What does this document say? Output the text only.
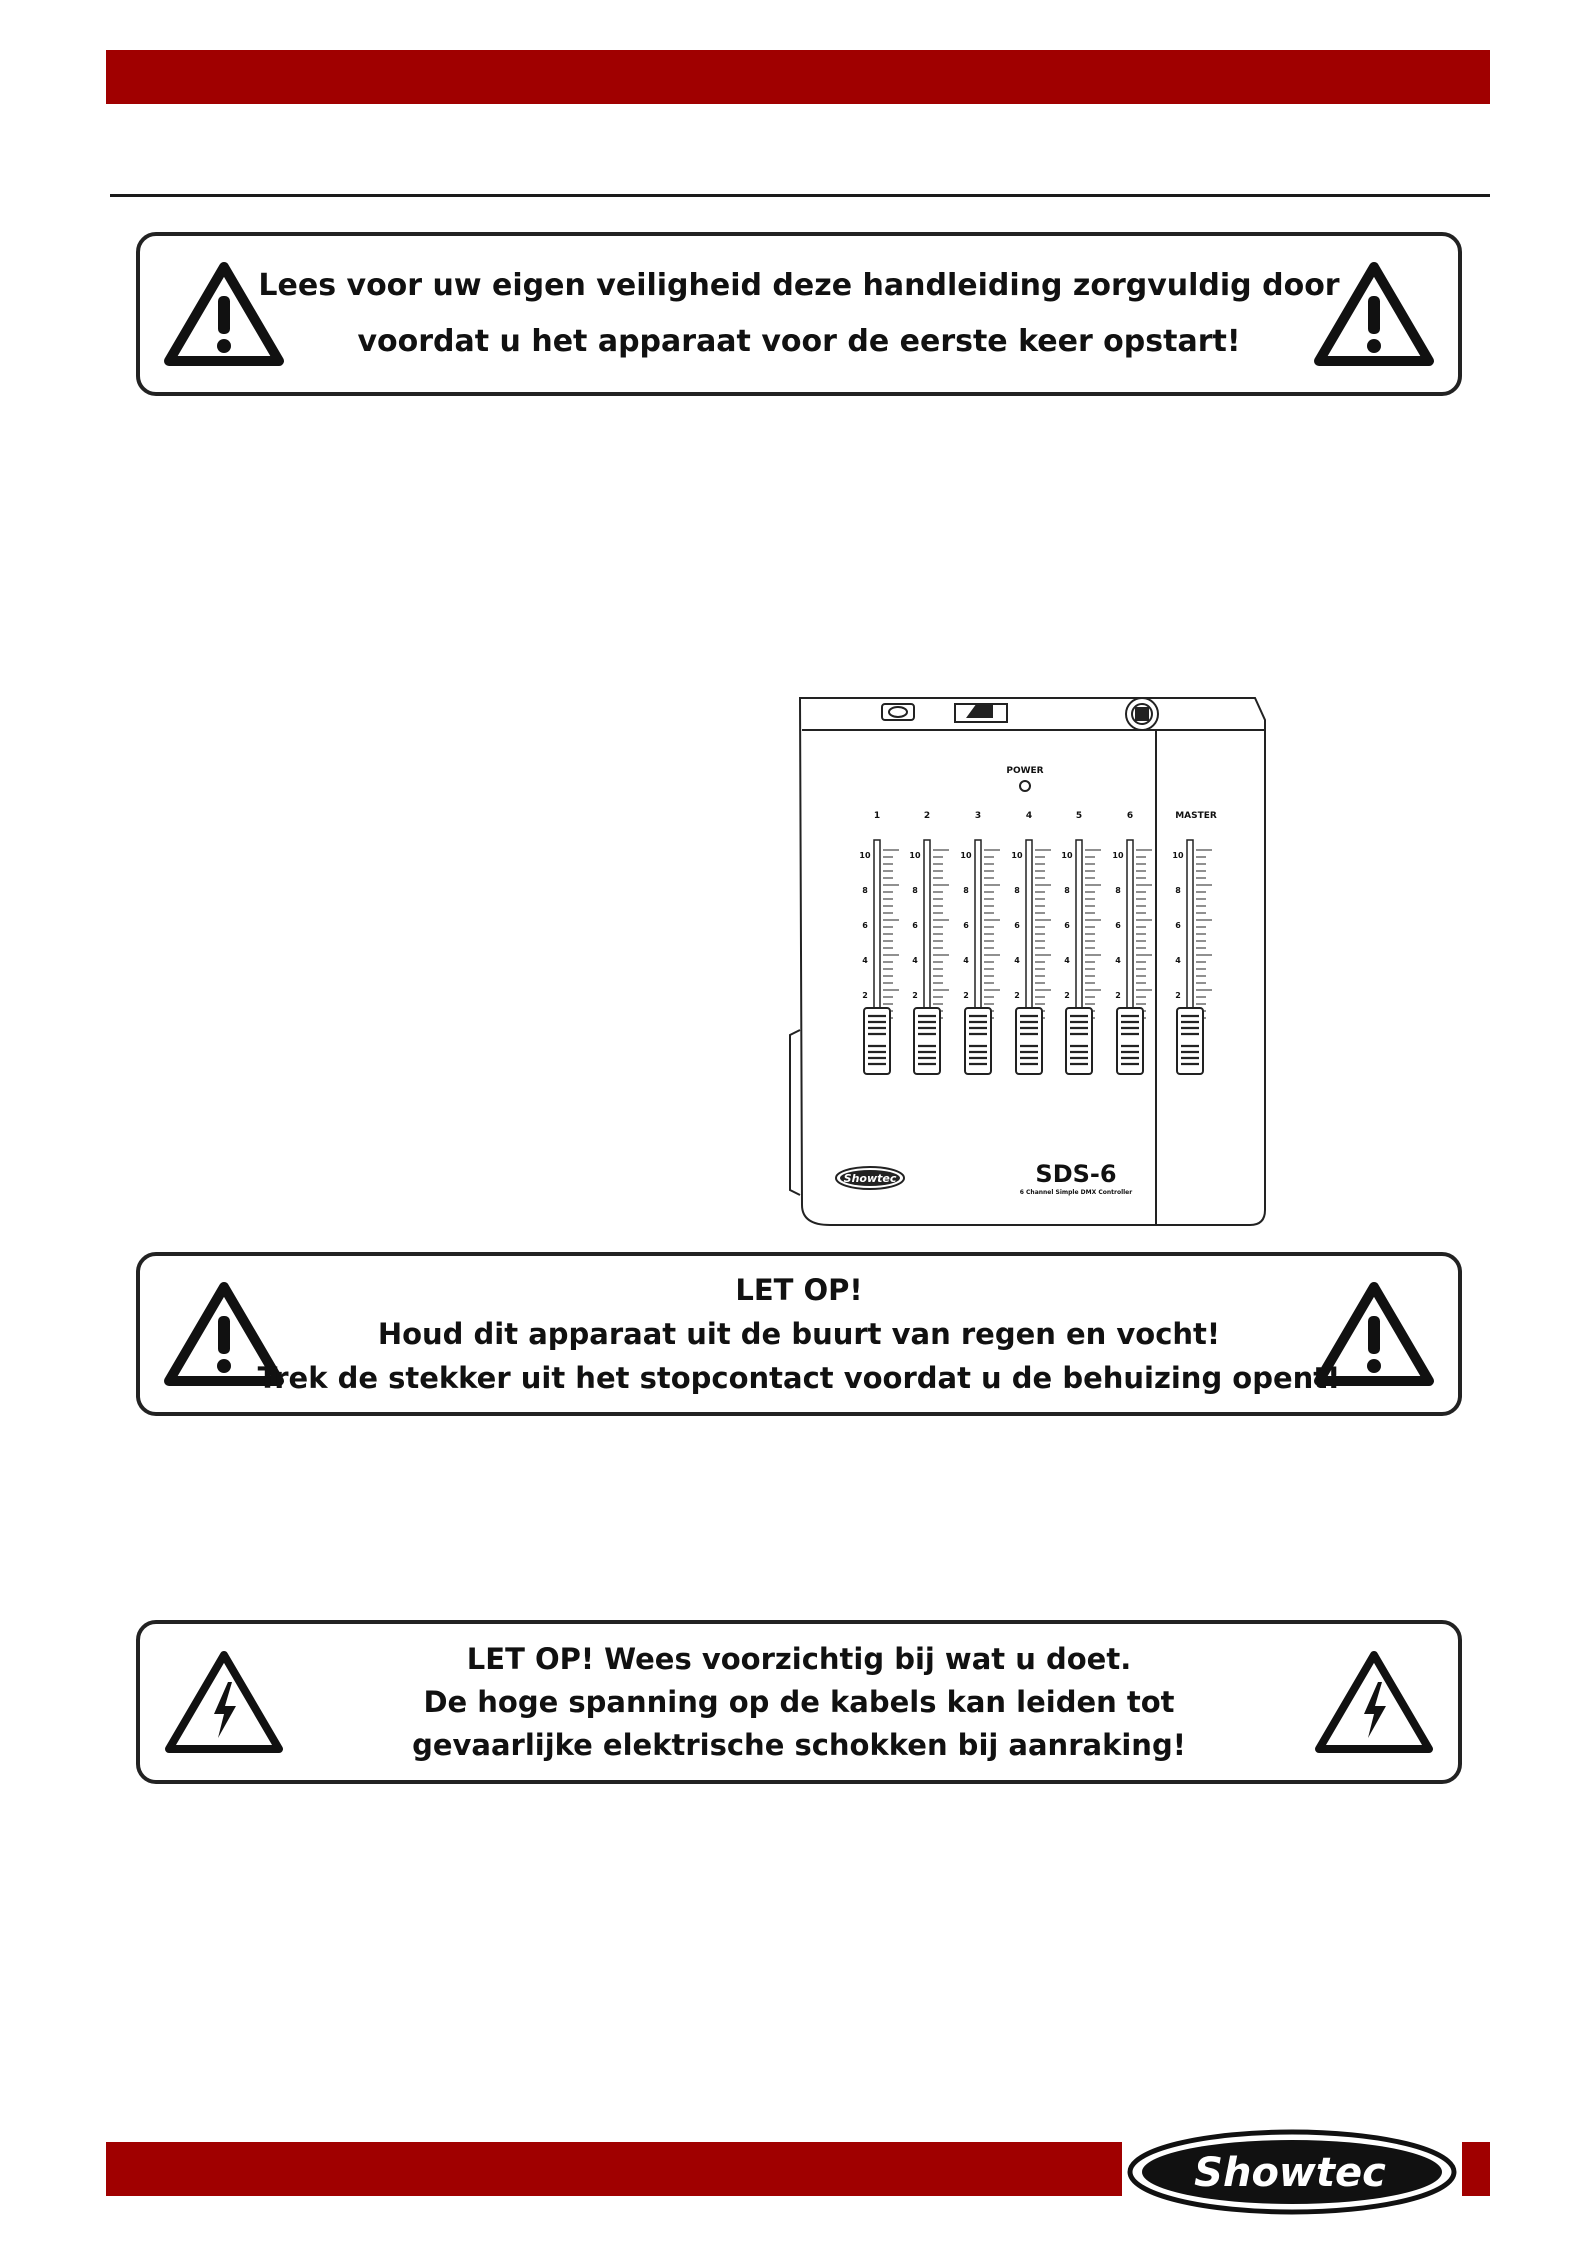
Lees voor uw eigen veiligheid deze handleiding zorgvuldig door
voordat u het apparaat voor de eerste keer opstart!
POWER
MASTER
1	2	3	4	5	6
10
8
6
4
2
10
8
6
4
2
10
8
6
4
2
10
8
6
4
2
10
8
6
4
2
10
8
6
4
2
10
8
6
4
2
Showtec	SDS-6
6 Channel Simple DMX Controller
LET OP!
Houd dit apparaat uit de buurt van regen en vocht!
Trek de stekker uit het stopcontact voordat u de behuizing opent!
LET OP! Wees voorzichtig bij wat u doet.
De hoge spanning op de kabels kan leiden tot
gevaarlijke elektrische schokken bij aanraking!
Showtec
